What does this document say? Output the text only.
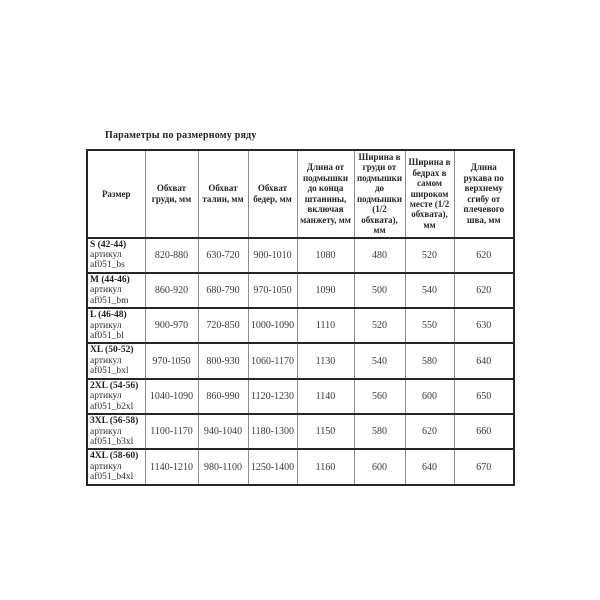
Параметры по размерному ряду
Размер	Обхват груди, мм	Обхват талии, мм	Обхват бедер, мм	Длина от подмышки до конца штанины, включая манжету, мм	Ширина в груди от подмышки до подмышки (1/2 обхвата), мм	Ширина в бедрах в самом широком месте (1/2 обхвата), мм	Длина рукава по верхнему сгибу от плечевого шва, мм

S (42-44)
артикул
af051_bs	820-880	630-720	900-1010	1080	480	520	620

M (44-46)
артикул
af051_bm	860-920	680-790	970-1050	1090	500	540	620

L (46-48)
артикул
af051_bl	900-970	720-850	1000-1090	1110	520	550	630

XL (50-52)
артикул
af051_bxl	970-1050	800-930	1060-1170	1130	540	580	640

2XL (54-56)
артикул
af051_b2xl	1040-1090	860-990	1120-1230	1140	560	600	650

3XL (56-58)
артикул
af051_b3xl	1100-1170	940-1040	1180-1300	1150	580	620	660

4XL (58-60)
артикул
af051_b4xl	1140-1210	980-1100	1250-1400	1160	600	640	670
